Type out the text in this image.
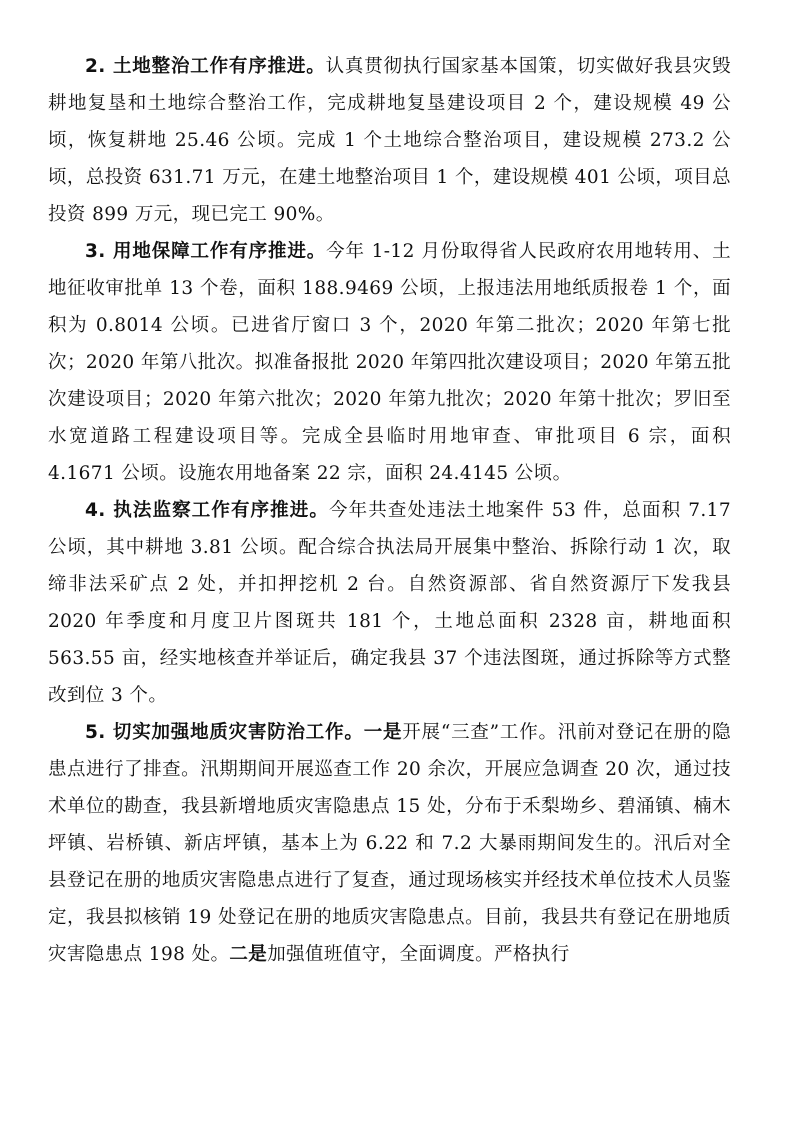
2. 土地整治工作有序推进。认真贯彻执行国家基本国策，切实做好我县灾毁耕地复垦和土地综合整治工作，完成耕地复垦建设项目 2 个，建设规模 49 公顷，恢复耕地 25.46 公顷。完成 1 个土地综合整治项目，建设规模 273.2 公顷，总投资 631.71 万元，在建土地整治项目 1 个，建设规模 401 公顷，项目总投资 899 万元，现已完工 90%。

3. 用地保障工作有序推进。今年 1-12 月份取得省人民政府农用地转用、土地征收审批单 13 个卷，面积 188.9469 公顷，上报违法用地纸质报卷 1 个，面积为 0.8014 公顷。已进省厅窗口 3 个，2020 年第二批次；2020 年第七批次；2020 年第八批次。拟准备报批 2020 年第四批次建设项目；2020 年第五批次建设项目；2020 年第六批次；2020 年第九批次；2020 年第十批次；罗旧至水宽道路工程建设项目等。完成全县临时用地审查、审批项目 6 宗，面积 4.1671 公顷。设施农用地备案 22 宗，面积 24.4145 公顷。

4. 执法监察工作有序推进。今年共查处违法土地案件 53 件，总面积 7.17 公顷，其中耕地 3.81 公顷。配合综合执法局开展集中整治、拆除行动 1 次，取缔非法采矿点 2 处，并扣押挖机 2 台。自然资源部、省自然资源厅下发我县 2020 年季度和月度卫片图斑共 181 个，土地总面积 2328 亩，耕地面积 563.55 亩，经实地核查并举证后，确定我县 37 个违法图斑，通过拆除等方式整改到位 3 个。

5. 切实加强地质灾害防治工作。一是开展“三查”工作。汛前对登记在册的隐患点进行了排查。汛期期间开展巡查工作 20 余次，开展应急调查 20 次，通过技术单位的勘查，我县新增地质灾害隐患点 15 处，分布于禾梨坳乡、碧涌镇、楠木坪镇、岩桥镇、新店坪镇，基本上为 6.22 和 7.2 大暴雨期间发生的。汛后对全县登记在册的地质灾害隐患点进行了复查，通过现场核实并经技术单位技术人员鉴定，我县拟核销 19 处登记在册的地质灾害隐患点。目前，我县共有登记在册地质灾害隐患点 198 处。二是加强值班值守，全面调度。严格执行
